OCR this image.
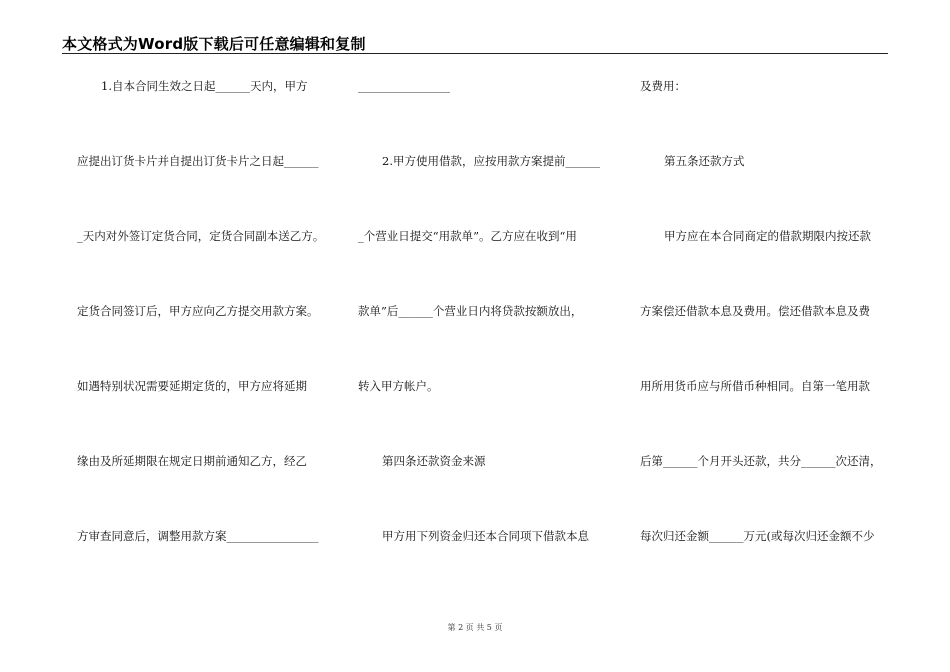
本文格式为Word版下载后可任意编辑和复制
1.自本合同生效之日起______天内，甲方
应提出订货卡片并自提出订货卡片之日起______
_天内对外签订定货合同，定货合同副本送乙方。
定货合同签订后，甲方应向乙方提交用款方案。
如遇特别状况需要延期定货的，甲方应将延期
缘由及所延期限在规定日期前通知乙方，经乙
方审查同意后，调整用款方案________________
________________
2.甲方使用借款，应按用款方案提前______
_个营业日提交“用款单”。乙方应在收到“用
款单”后______个营业日内将贷款按额放出，
转入甲方帐户。
第四条还款资金来源
甲方用下列资金归还本合同项下借款本息
及费用：
第五条还款方式
甲方应在本合同商定的借款期限内按还款
方案偿还借款本息及费用。偿还借款本息及费
用所用货币应与所借币种相同。自第一笔用款
后第______个月开头还款，共分______次还清，
每次归还金额______万元(或每次归还金额不少
第 2 页 共 5 页
